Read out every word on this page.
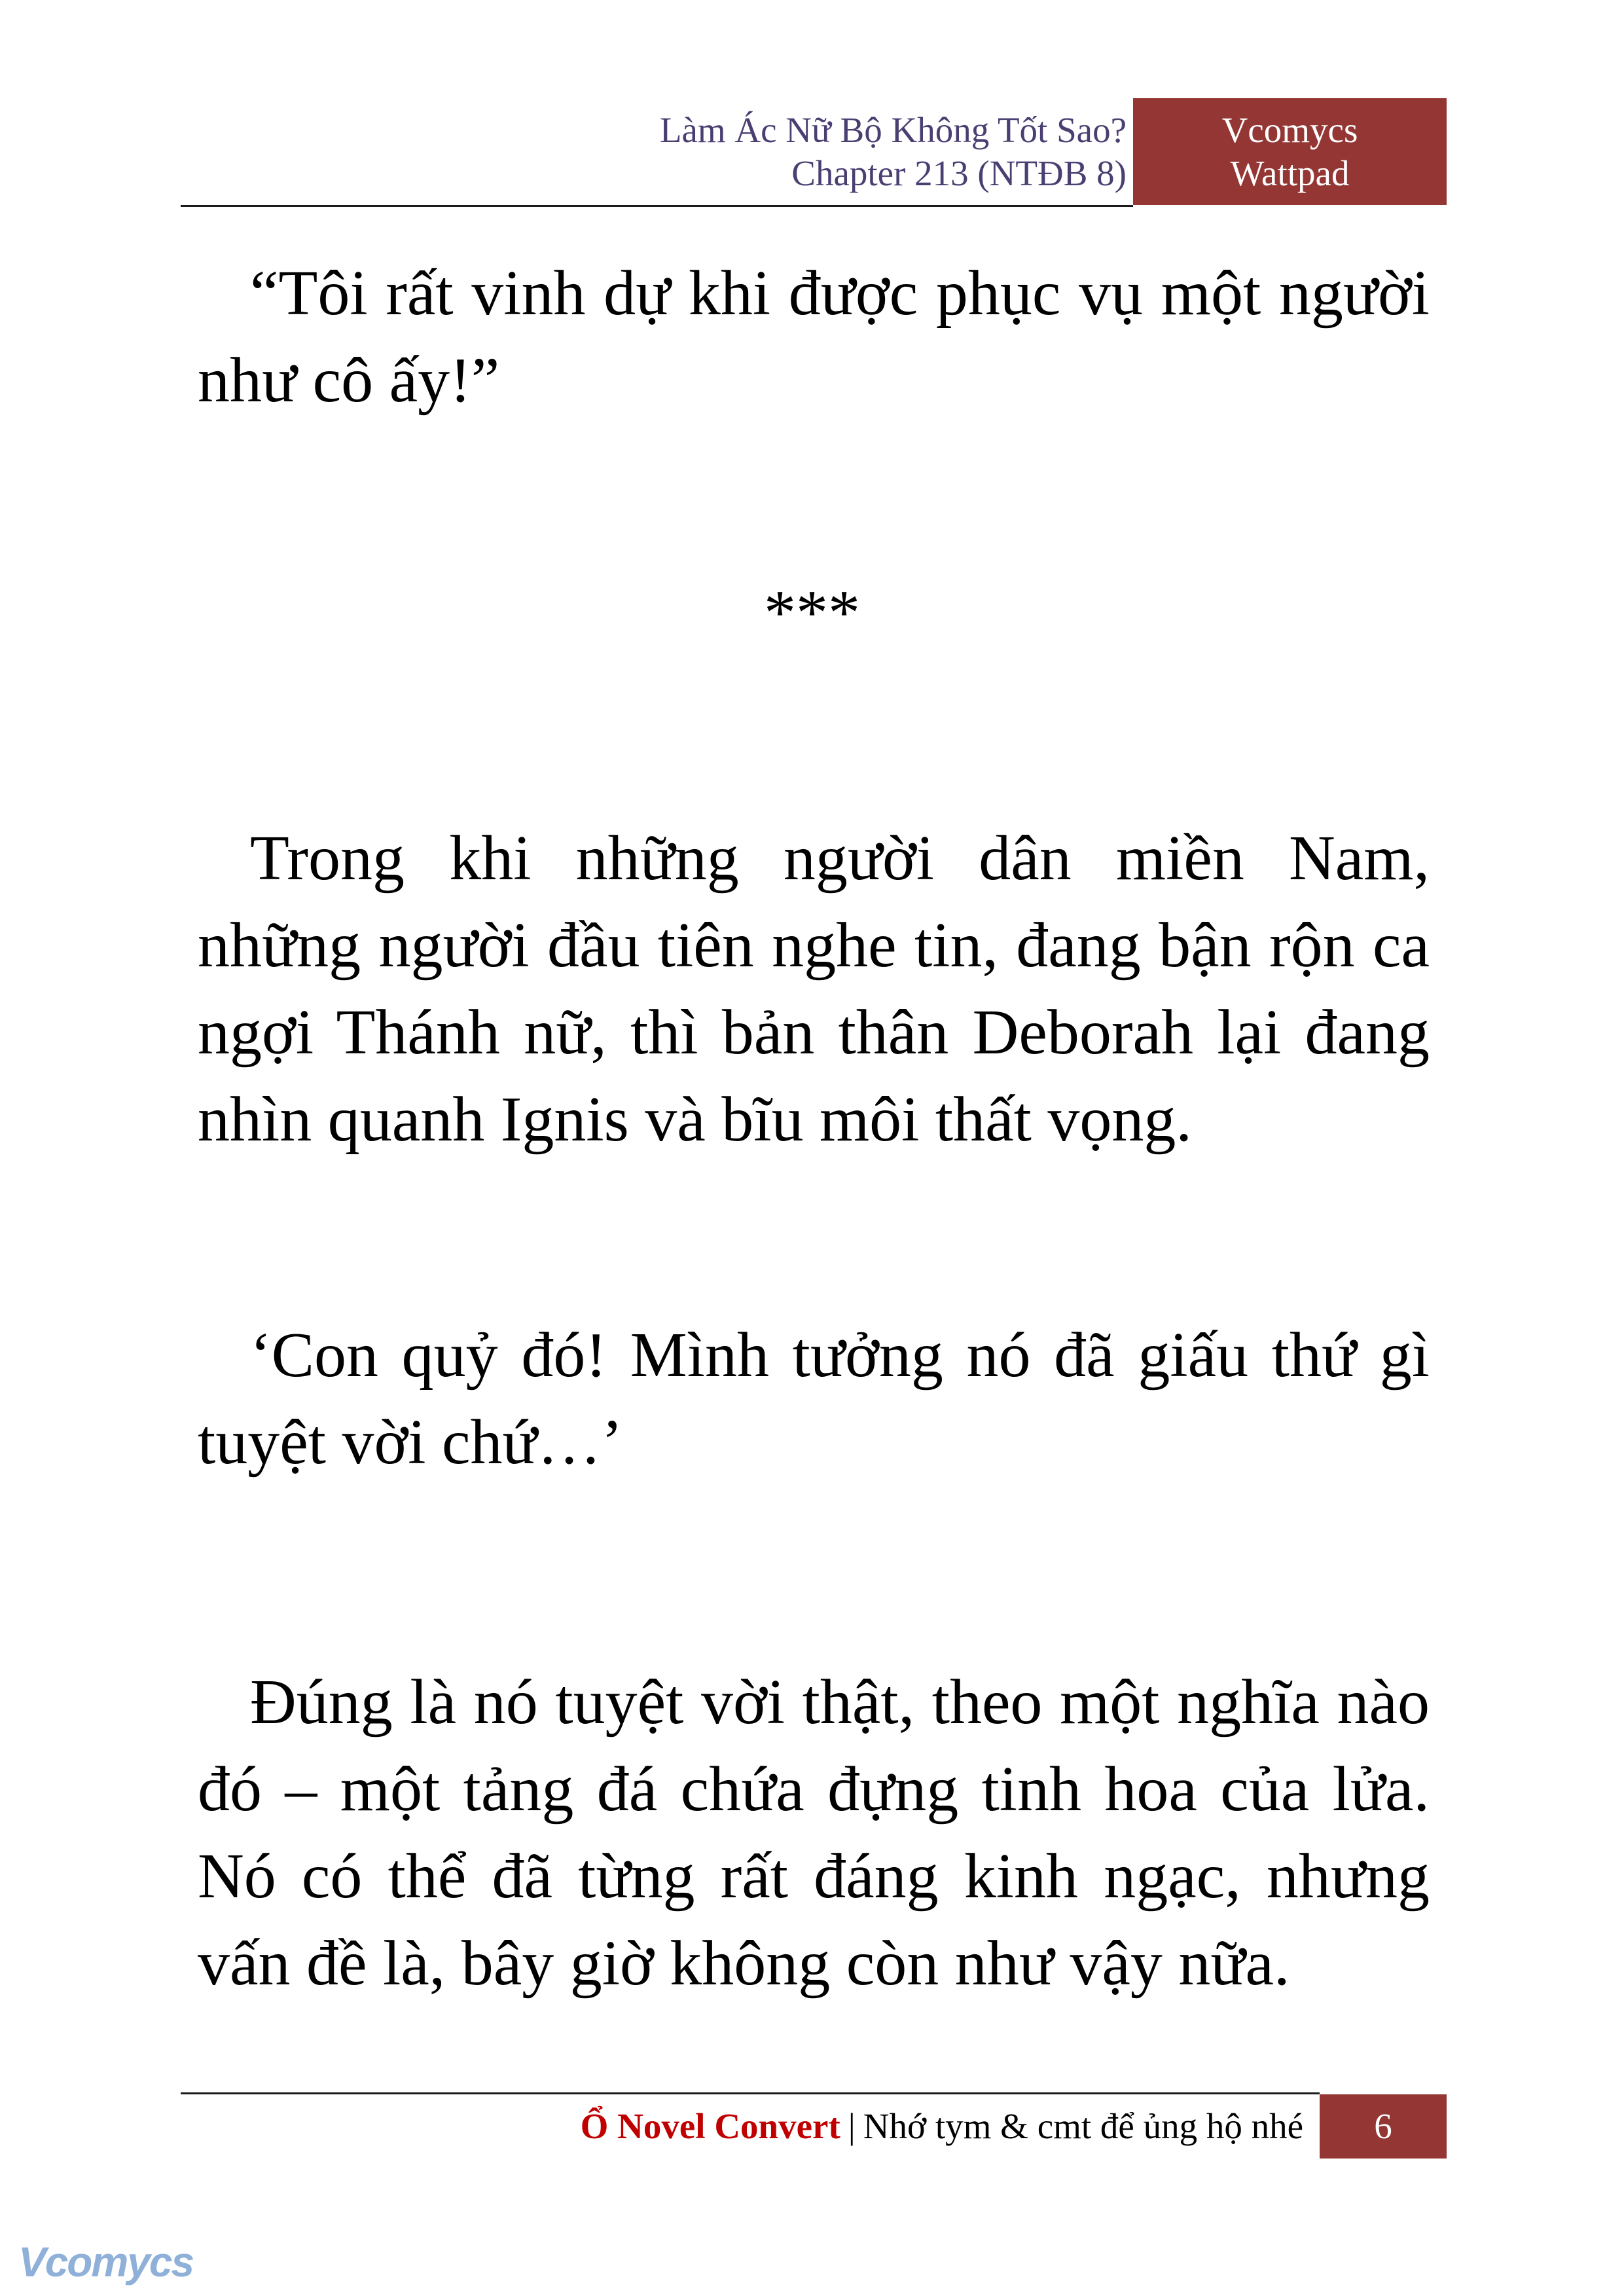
Làm Ác Nữ Bộ Không Tốt Sao?
Chapter 213 (NTĐB 8)
Vcomycs
Wattpad

“Tôi rất vinh dự khi được phục vụ một người như cô ấy!”

***

Trong khi những người dân miền Nam, những người đầu tiên nghe tin, đang bận rộn ca ngợi Thánh nữ, thì bản thân Deborah lại đang nhìn quanh Ignis và bĩu môi thất vọng.

‘Con quỷ đó! Mình tưởng nó đã giấu thứ gì tuyệt vời chứ…’

Đúng là nó tuyệt vời thật, theo một nghĩa nào đó – một tảng đá chứa đựng tinh hoa của lửa. Nó có thể đã từng rất đáng kinh ngạc, nhưng vấn đề là, bây giờ không còn như vậy nữa.

Ổ Novel Convert | Nhớ tym & cmt để ủng hộ nhé	6
Vcomycs
